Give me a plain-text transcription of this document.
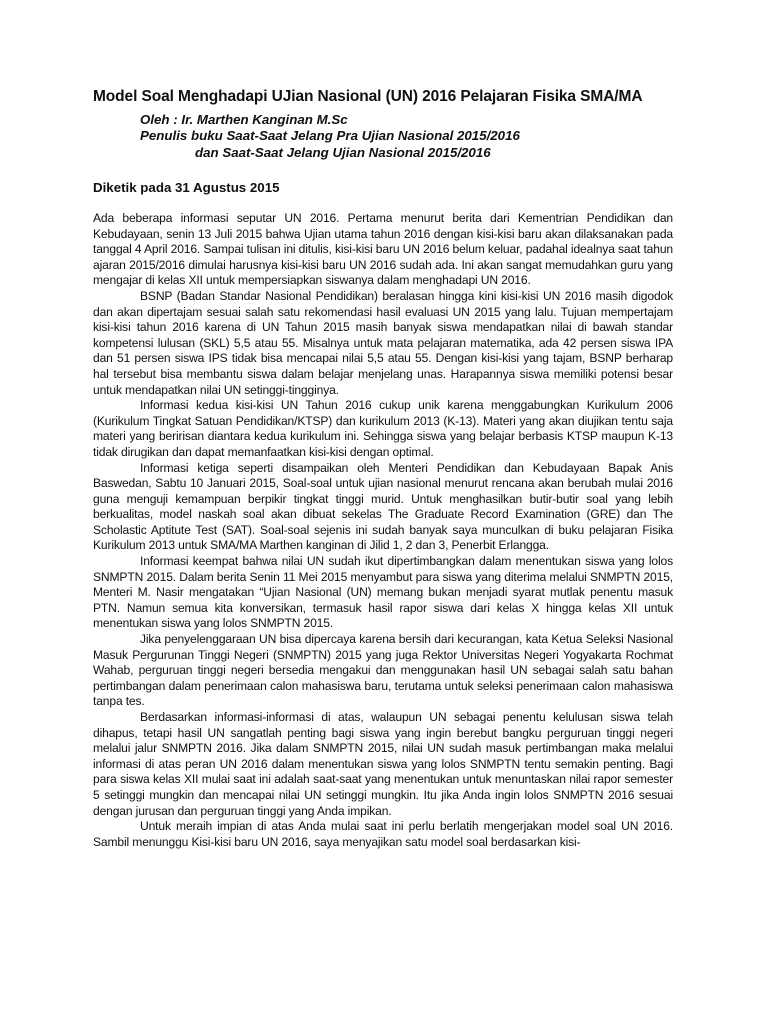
Model Soal Menghadapi UJian Nasional (UN) 2016 Pelajaran Fisika SMA/MA
Oleh : Ir. Marthen Kanginan M.Sc
Penulis buku Saat-Saat Jelang Pra Ujian Nasional 2015/2016
dan Saat-Saat Jelang Ujian Nasional 2015/2016
Diketik pada 31 Agustus 2015

Ada beberapa informasi seputar UN 2016. Pertama menurut berita dari Kementrian Pendidikan dan Kebudayaan, senin 13 Juli 2015 bahwa Ujian utama tahun 2016 dengan kisi-kisi baru akan dilaksanakan pada tanggal 4 April 2016. Sampai tulisan ini ditulis, kisi-kisi baru UN 2016 belum keluar, padahal idealnya saat tahun ajaran 2015/2016 dimulai harusnya kisi-kisi baru UN 2016 sudah ada. Ini akan sangat memudahkan guru yang mengajar di kelas XII untuk mempersiapkan siswanya dalam menghadapi UN 2016.

BSNP (Badan Standar Nasional Pendidikan) beralasan hingga kini kisi-kisi UN 2016 masih digodok dan akan dipertajam sesuai salah satu rekomendasi hasil evaluasi UN 2015 yang lalu. Tujuan mempertajam kisi-kisi tahun 2016 karena di UN Tahun 2015 masih banyak siswa mendapatkan nilai di bawah standar kompetensi lulusan (SKL) 5,5 atau 55. Misalnya untuk mata pelajaran matematika, ada 42 persen siswa IPA dan 51 persen siswa IPS tidak bisa mencapai nilai 5,5 atau 55. Dengan kisi-kisi yang tajam, BSNP berharap hal tersebut bisa membantu siswa dalam belajar menjelang unas. Harapannya siswa memiliki potensi besar untuk mendapatkan nilai UN setinggi-tingginya.

Informasi kedua kisi-kisi UN Tahun 2016 cukup unik karena menggabungkan Kurikulum 2006 (Kurikulum Tingkat Satuan Pendidikan/KTSP) dan kurikulum 2013 (K-13). Materi yang akan diujikan tentu saja materi yang beririsan diantara kedua kurikulum ini. Sehingga siswa yang belajar berbasis KTSP maupun K-13 tidak dirugikan dan dapat memanfaatkan kisi-kisi dengan optimal.

Informasi ketiga seperti disampaikan oleh Menteri Pendidikan dan Kebudayaan Bapak Anis Baswedan, Sabtu 10 Januari 2015, Soal-soal untuk ujian nasional menurut rencana akan berubah mulai 2016 guna menguji kemampuan berpikir tingkat tinggi murid. Untuk menghasilkan butir-butir soal yang lebih berkualitas, model naskah soal akan dibuat sekelas The Graduate Record Examination (GRE) dan The Scholastic Aptitute Test (SAT). Soal-soal sejenis ini sudah banyak saya munculkan di buku pelajaran Fisika Kurikulum 2013 untuk SMA/MA Marthen kanginan di Jilid 1, 2 dan 3, Penerbit Erlangga.

Informasi keempat bahwa nilai UN sudah ikut dipertimbangkan dalam menentukan siswa yang lolos SNMPTN 2015. Dalam berita Senin 11 Mei 2015 menyambut para siswa yang diterima melalui SNMPTN 2015, Menteri M. Nasir mengatakan “Ujian Nasional (UN) memang bukan menjadi syarat mutlak penentu masuk PTN. Namun semua kita konversikan, termasuk hasil rapor siswa dari kelas X hingga kelas XII untuk menentukan siswa yang lolos SNMPTN 2015.

Jika penyelenggaraan UN bisa dipercaya karena bersih dari kecurangan, kata Ketua Seleksi Nasional Masuk Pergurunan Tinggi Negeri (SNMPTN) 2015 yang juga Rektor Universitas Negeri Yogyakarta Rochmat Wahab, perguruan tinggi negeri bersedia mengakui dan menggunakan hasil UN sebagai salah satu bahan pertimbangan dalam penerimaan calon mahasiswa baru, terutama untuk seleksi penerimaan calon mahasiswa tanpa tes.

Berdasarkan informasi-informasi di atas, walaupun UN sebagai penentu kelulusan siswa telah dihapus, tetapi hasil UN sangatlah penting bagi siswa yang ingin berebut bangku perguruan tinggi negeri melalui jalur SNMPTN 2016. Jika dalam SNMPTN 2015, nilai UN sudah masuk pertimbangan maka melalui informasi di atas peran UN 2016 dalam menentukan siswa yang lolos SNMPTN tentu semakin penting. Bagi para siswa kelas XII mulai saat ini adalah saat-saat yang menentukan untuk menuntaskan nilai rapor semester 5 setinggi mungkin dan mencapai nilai UN setinggi mungkin. Itu jika Anda ingin lolos SNMPTN 2016 sesuai dengan jurusan dan perguruan tinggi yang Anda impikan.

Untuk meraih impian di atas Anda mulai saat ini perlu berlatih mengerjakan model soal UN 2016. Sambil menunggu Kisi-kisi baru UN 2016, saya menyajikan satu model soal berdasarkan kisi-
